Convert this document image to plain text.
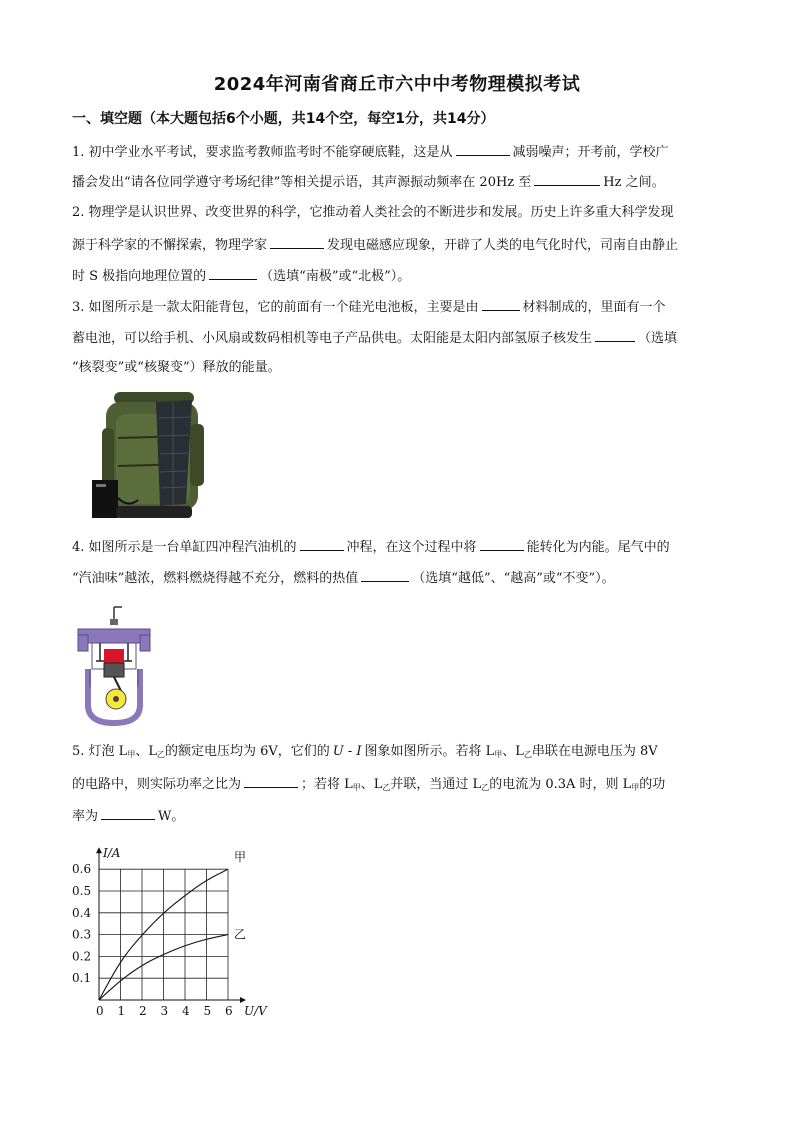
2024年河南省商丘市六中中考物理模拟考试
一、填空题（本大题包括6个小题，共14个空，每空1分，共14分）
1. 初中学业水平考试，要求监考教师监考时不能穿硬底鞋，这是从	减弱噪声；开考前，学校广
播会发出“请各位同学遵守考场纪律”等相关提示语，其声源振动频率在 20Hz 至	Hz 之间。
2. 物理学是认识世界、改变世界的科学，它推动着人类社会的不断进步和发展。历史上许多重大科学发现
源于科学家的不懈探索，物理学家	发现电磁感应现象，开辟了人类的电气化时代，司南自由静止
时 S 极指向地理位置的	（选填“南极”或“北极”）。
3. 如图所示是一款太阳能背包，它的前面有一个硅光电池板，主要是由	材料制成的，里面有一个
蓄电池，可以给手机、小风扇或数码相机等电子产品供电。太阳能是太阳内部氢原子核发生	（选填
“核裂变”或“核聚变”）释放的能量。
4. 如图所示是一台单缸四冲程汽油机的	冲程，在这个过程中将	能转化为内能。尾气中的
“汽油味”越浓，燃料燃烧得越不充分，燃料的热值	（选填“越低”、“越高”或“不变”）。
5. 灯泡 $L_甲$、$L_乙$的额定电压均为 6V，它们的 U - I 图象如图所示。若将 $L_甲$、$L_乙$串联在电源电压为 8V
的电路中，则实际功率之比为	；若将 $L_甲$、$L_乙$并联，当通过 $L_乙$的电流为 0.3A 时，则 $L_甲$的功
率为	W。
0 1 2 3 4 5 6
0.1
0.2
0.3
0.4
0.5
0.6
I/A
U/V
甲
乙
